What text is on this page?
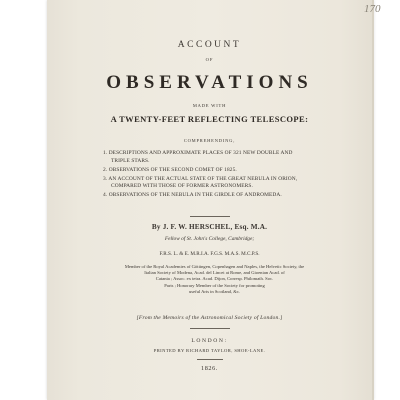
ACCOUNT
OF
OBSERVATIONS
MADE WITH
A TWENTY-FEET REFLECTING TELESCOPE:
COMPREHENDING,
1. DESCRIPTIONS AND APPROXIMATE PLACES OF 321 NEW DOUBLE AND
TRIPLE STARS.
2. OBSERVATIONS OF THE SECOND COMET OF 1825.
3. AN ACCOUNT OF THE ACTUAL STATE OF THE GREAT NEBULA IN ORION,
COMPARED WITH THOSE OF FORMER ASTRONOMERS.
4. OBSERVATIONS OF THE NEBULA IN THE GIRDLE OF ANDROMEDA.
By J. F. W. HERSCHEL, Esq. M.A.
Fellow of St. John's College, Cambridge;
F.R.S. L. & E. M.R.I.A. F.G.S. M.A.S. M.C.P.S.
Member of the Royal Academies of Göttingen, Copenhagen and Naples, the Helvetic Society, the
Italian Society of Modena, Acad. del Lincei at Rome, and Gioenian Acad. of
Catania ; Assoc. ex tetra. Acad. Dijon, Corresp. Philomath. Soc.
Paris ; Honorary Member of the Society for promoting
useful Arts in Scotland, &c.
[From the Memoirs of the Astronomical Society of London.]
LONDON:
PRINTED BY RICHARD TAYLOR, SHOE-LANE.
1826.
170
